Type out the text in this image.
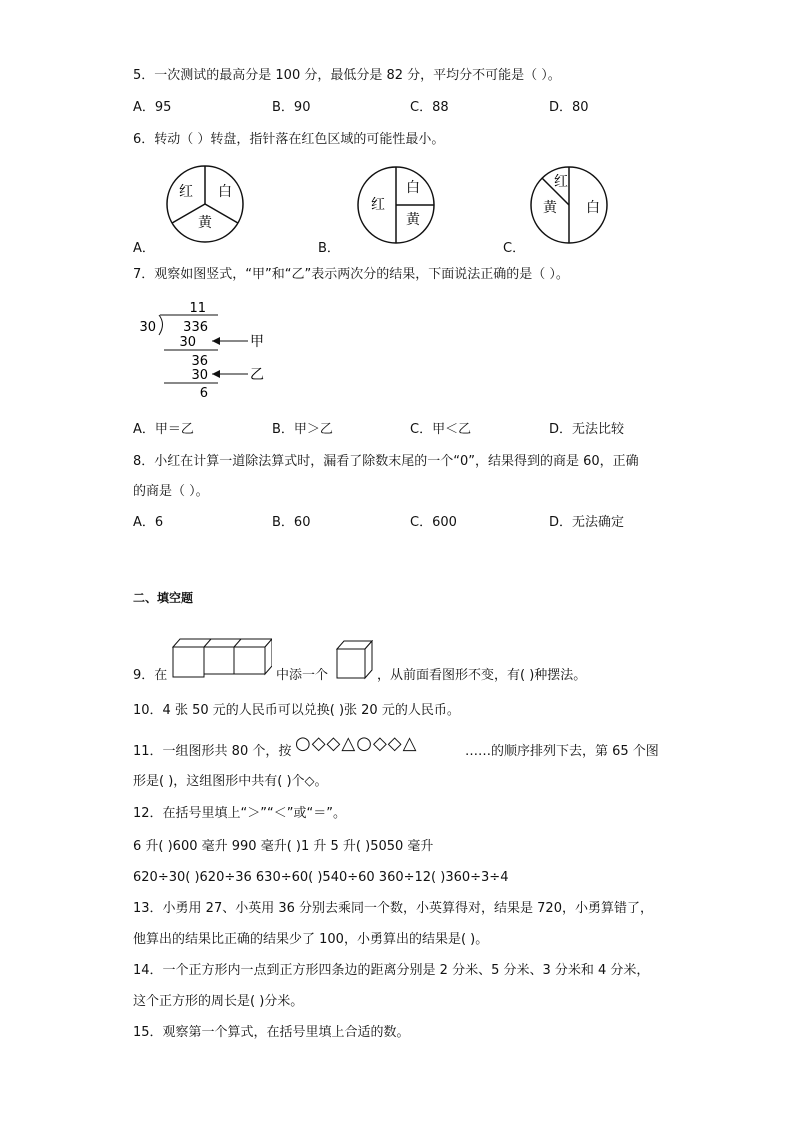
5．一次测试的最高分是 100 分，最低分是 82 分，平均分不可能是（ ）。
A．95	B．90	C．88	D．80
6．转动（ ）转盘，指针落在红色区域的可能性最小。
红 白
黄
A．
红
白
黄
B．
红
黄 白
C．
7．观察如图竖式，“甲”和“乙”表示两次分的结果，下面说法正确的是（ ）。
11
30 336
30
36
30
6
甲
乙
A．甲＝乙	B．甲＞乙	C．甲＜乙	D．无法比较
8．小红在计算一道除法算式时，漏看了除数末尾的一个“0”，结果得到的商是 60，正确
的商是（ ）。
A．6	B．60	C．600	D．无法确定
二、填空题
9．在	中添一个	，从前面看图形不变，有( )种摆法。
10．4 张 50 元的人民币可以兑换( )张 20 元的人民币。
11．一组图形共 80 个，按 ○◇◇△○◇◇△	……的顺序排列下去，第 65 个图
形是( )，这组图形中共有( )个◇。
12．在括号里填上“＞”“＜”或“＝”。
6 升( )600 毫升 990 毫升( )1 升 5 升( )5050 毫升
620÷30( )620÷36 630÷60( )540÷60 360÷12( )360÷3÷4
13．小勇用 27、小英用 36 分别去乘同一个数，小英算得对，结果是 720，小勇算错了，
他算出的结果比正确的结果少了 100，小勇算出的结果是( )。
14．一个正方形内一点到正方形四条边的距离分别是 2 分米、5 分米、3 分米和 4 分米，
这个正方形的周长是( )分米。
15．观察第一个算式，在括号里填上合适的数。
